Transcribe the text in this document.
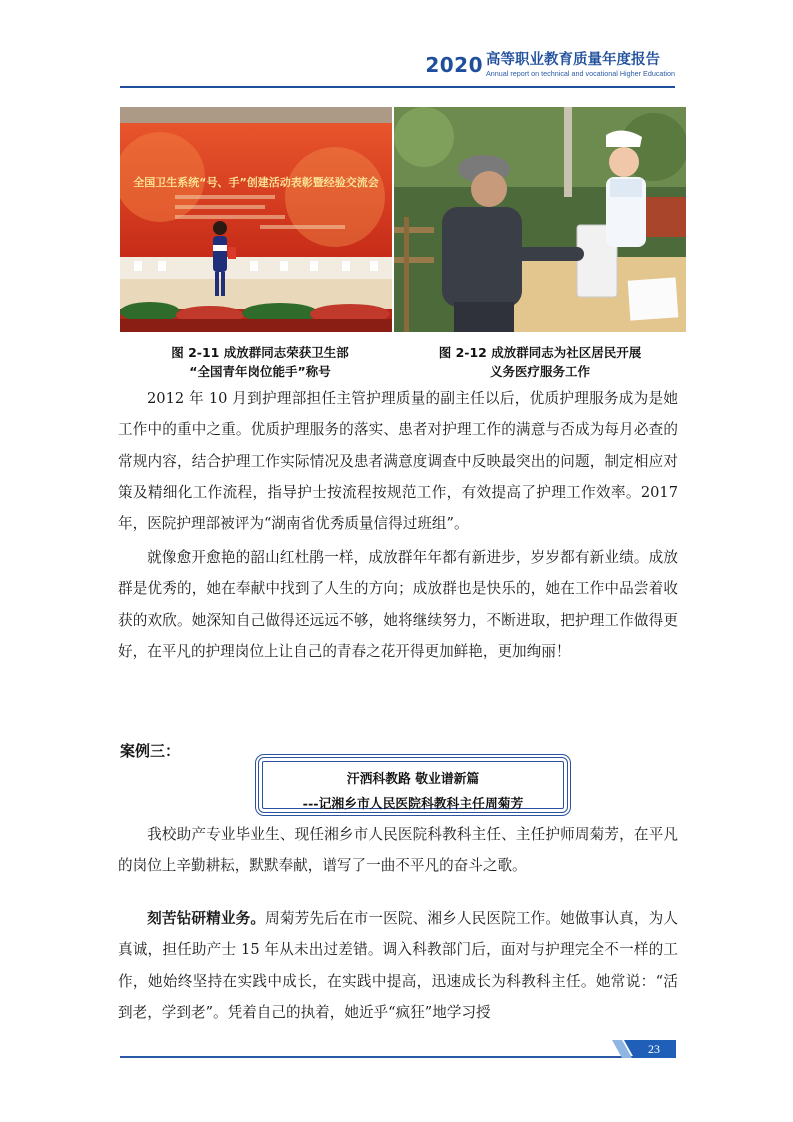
2020 高等职业教育质量年度报告
Annual report on technical and vocational Higher Education
全国卫生系统“号、手”创建活动表彰暨经验交流会
图 2-11 成放群同志荣获卫生部
“全国青年岗位能手”称号
图 2-12 成放群同志为社区居民开展
义务医疗服务工作
2012 年 10 月到护理部担任主管护理质量的副主任以后，优质护理服务成为是她工作中的重中之重。优质护理服务的落实、患者对护理工作的满意与否成为每月必查的常规内容，结合护理工作实际情况及患者满意度调查中反映最突出的问题，制定相应对策及精细化工作流程，指导护士按流程按规范工作，有效提高了护理工作效率。2017 年，医院护理部被评为“湖南省优秀质量信得过班组”。
就像愈开愈艳的韶山红杜鹃一样，成放群年年都有新进步，岁岁都有新业绩。成放群是优秀的，她在奉献中找到了人生的方向；成放群也是快乐的，她在工作中品尝着收获的欢欣。她深知自己做得还远远不够，她将继续努力，不断进取，把护理工作做得更好，在平凡的护理岗位上让自己的青春之花开得更加鲜艳，更加绚丽！
案例三：
汗洒科教路 敬业谱新篇
---记湘乡市人民医院科教科主任周菊芳
我校助产专业毕业生、现任湘乡市人民医院科教科主任、主任护师周菊芳，在平凡的岗位上辛勤耕耘，默默奉献，谱写了一曲不平凡的奋斗之歌。
刻苦钻研精业务。周菊芳先后在市一医院、湘乡人民医院工作。她做事认真，为人真诚，担任助产士 15 年从未出过差错。调入科教部门后，面对与护理完全不一样的工作，她始终坚持在实践中成长，在实践中提高，迅速成长为科教科主任。她常说：“活到老，学到老”。凭着自己的执着，她近乎“疯狂”地学习授
23
